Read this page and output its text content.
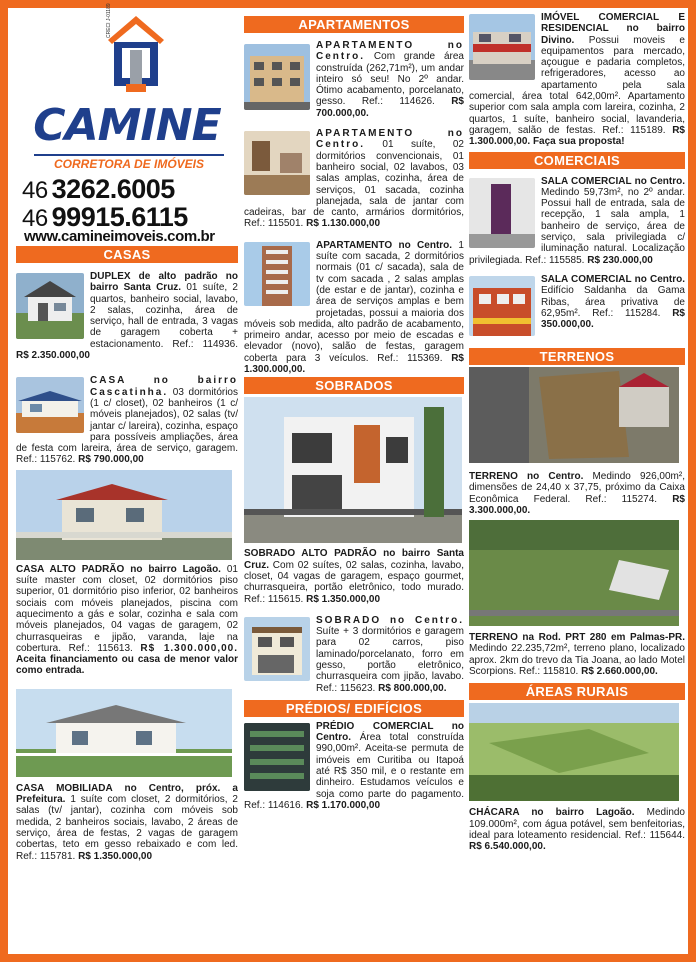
CRECI J-01189
CAMINE
CORRETORA DE IMÓVEIS
46 3262.6005
46 99915.6115
www.camineimoveis.com.br
CASAS
DUPLEX de alto padrão no bairro Santa Cruz. 01 suíte, 2 quartos, banheiro social, lavabo, 2 salas, cozinha, área de serviço, hall de entrada, 3 vagas de garagem coberta + estacionamento. Ref.: 114936. R$ 2.350.000,00
CASA no bairro Cascatinha. 03 dormitórios (1 c/ closet), 02 banheiros (1 c/ móveis planejados), 02 salas (tv/ jantar c/ lareira), cozinha, espaço para possíveis ampliações, área de festa com lareira, área de serviço, garagem. Ref.: 115762. R$ 790.000,00
CASA ALTO PADRÃO no bairro Lagoão. 01 suíte master com closet, 02 dormitórios piso superior, 01 dormitório piso inferior, 02 banheiros sociais com móveis planejados, piscina com aquecimento a gás e solar, cozinha e sala com móveis planejados, 04 vagas de garagem, 02 churrasqueiras e jipão, varanda, laje na cobertura. Ref.: 115613. R$ 1.300.000,00. Aceita financiamento ou casa de menor valor como entrada.
CASA MOBILIADA no Centro, próx. a Prefeitura. 1 suíte com closet, 2 dormitórios, 2 salas (tv/ jantar), cozinha com móveis sob medida, 2 banheiros sociais, lavabo, 2 áreas de serviço, área de festas, 2 vagas de garagem cobertas, teto em gesso rebaixado e com led. Ref.: 115781. R$ 1.350.000,00
APARTAMENTOS
APARTAMENTO no Centro. Com grande área construída (262,71m²), um andar inteiro só seu! No 2º andar. Ótimo acabamento, porcelanato, gesso. Ref.: 114626. R$ 700.000,00.
APARTAMENTO no Centro. 01 suíte, 02 dormitórios convencionais, 01 banheiro social, 02 lavabos, 03 salas amplas, cozinha, área de serviços, 01 sacada, cozinha planejada, sala de jantar com cadeiras, bar de canto, armários dormitórios, Ref.: 115501. R$ 1.130.000,00
APARTAMENTO no Centro. 1 suíte com sacada, 2 dormitórios normais (01 c/ sacada), sala de tv com sacada , 2 salas amplas (de estar e de jantar), cozinha e área de serviços amplas e bem projetadas, possui a maioria dos móveis sob medida, alto padrão de acabamento, primeiro andar, acesso por meio de escadas e elevador (novo), salão de festas, garagem coberta para 3 veículos. Ref.: 115369. R$ 1.300.000,00.
SOBRADOS
SOBRADO ALTO PADRÃO no bairro Santa Cruz. Com 02 suítes, 02 salas, cozinha, lavabo, closet, 04 vagas de garagem, espaço gourmet, churrasqueira, portão eletrônico, todo murado. Ref.: 115615. R$ 1.350.000,00
SOBRADO no Centro. Suíte + 3 dormitórios e garagem para 02 carros, piso laminado/porcelanato, forro em gesso, portão eletrônico, churrasqueira com jipão, lavabo. Ref.: 115623. R$ 800.000,00.
PRÉDIOS/ EDIFÍCIOS
PRÉDIO COMERCIAL no Centro. Área total construída 990,00m². Aceita-se permuta de imóveis em Curitiba ou Itapoá até R$ 350 mil, e o restante em dinheiro. Estudamos veículos e soja como parte do pagamento. Ref.: 114616. R$ 1.170.000,00
IMÓVEL COMERCIAL E RESIDENCIAL no bairro Divino. Possui moveis e equipamentos para mercado, açougue e padaria completos, refrigeradores, acesso ao apartamento pela sala comercial, área total 642,00m². Apartamento superior com sala ampla com lareira, cozinha, 2 quartos, 1 suíte, banheiro social, lavanderia, garagem, salão de festas. Ref.: 115189. R$ 1.300.000,00. Faça sua proposta!
COMERCIAIS
SALA COMERCIAL no Centro. Medindo 59,73m², no 2º andar. Possui hall de entrada, sala de recepção, 1 sala ampla, 1 banheiro de serviço, área de serviço, sala privilegiada c/ iluminação natural. Localização privilegiada. Ref.: 115585. R$ 230.000,00
SALA COMERCIAL no Centro. Edifício Saldanha da Gama Ribas, área privativa de 62,95m². Ref.: 115284. R$ 350.000,00.
TERRENOS
TERRENO no Centro. Medindo 926,00m², dimensões de 24,40 x 37,75, próximo da Caixa Econômica Federal. Ref.: 115274. R$ 3.300.000,00.
TERRENO na Rod. PRT 280 em Palmas-PR. Medindo 22.235,72m², terreno plano, localizado aprox. 2km do trevo da Tia Joana, ao lado Motel Scorpions. Ref.: 115810. R$ 2.660.000,00.
ÁREAS RURAIS
CHÁCARA no bairro Lagoão. Medindo 109.000m², com água potável, sem benfeitorias, ideal para loteamento residencial. Ref.: 115644. R$ 6.540.000,00.
